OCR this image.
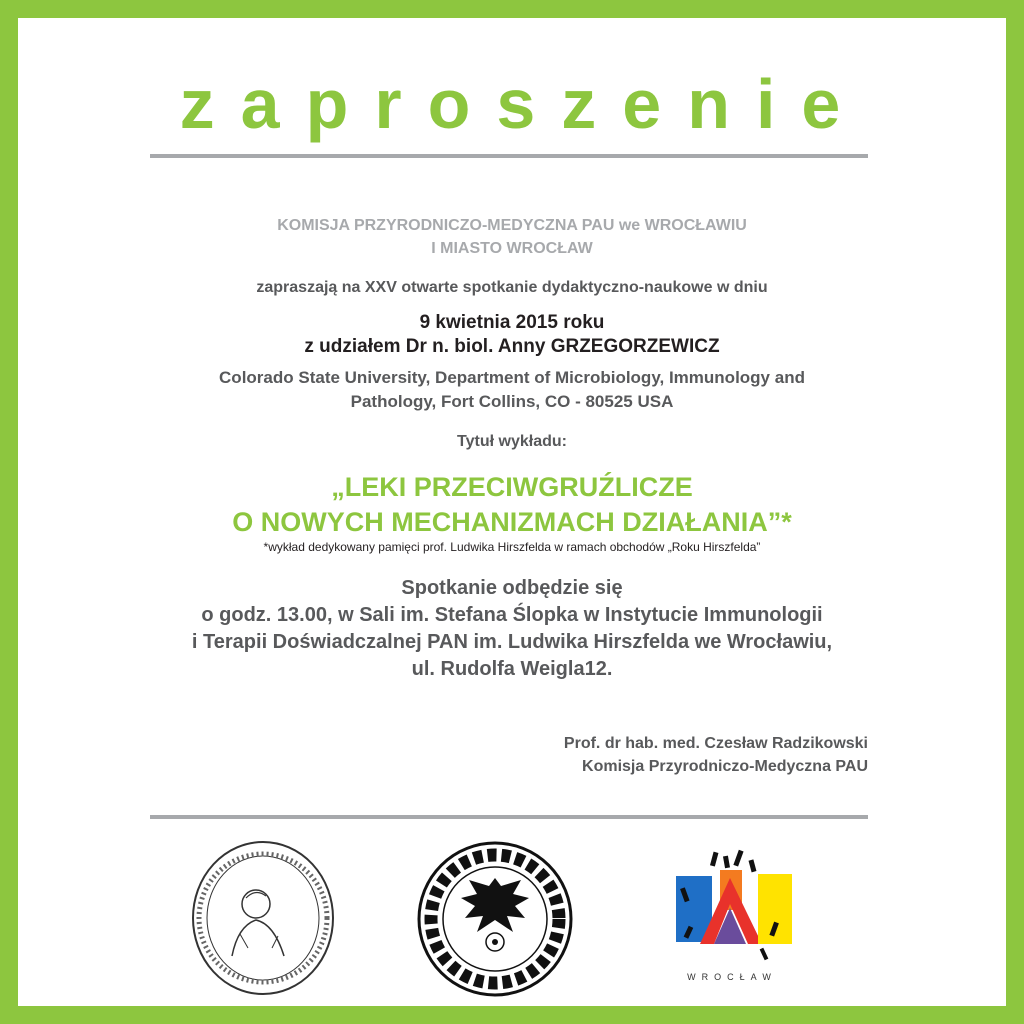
zaproszenie
KOMISJA PRZYRODNICZO-MEDYCZNA PAU we WROCŁAWIU
I MIASTO WROCŁAW
zapraszają na XXV otwarte spotkanie dydaktyczno-naukowe w dniu
9 kwietnia 2015 roku
z udziałem Dr n. biol. Anny GRZEGORZEWICZ
Colorado State University, Department of Microbiology, Immunology and
Pathology, Fort Collins, CO - 80525 USA
Tytuł wykładu:
„LEKI PRZECIWGRUŹLICZE
O NOWYCH MECHANIZMACH DZIAŁANIA”*
*wykład dedykowany pamięci prof. Ludwika Hirszfelda w ramach obchodów „Roku Hirszfelda”
Spotkanie odbędzie się
o godz. 13.00, w Sali im. Stefana Ślopka w Instytucie Immunologii
i Terapii Doświadczalnej PAN im. Ludwika Hirszfelda we Wrocławiu,
ul. Rudolfa Weigla12.
Prof. dr hab. med. Czesław Radzikowski
Komisja Przyrodniczo-Medyczna PAU
WROCŁAW
